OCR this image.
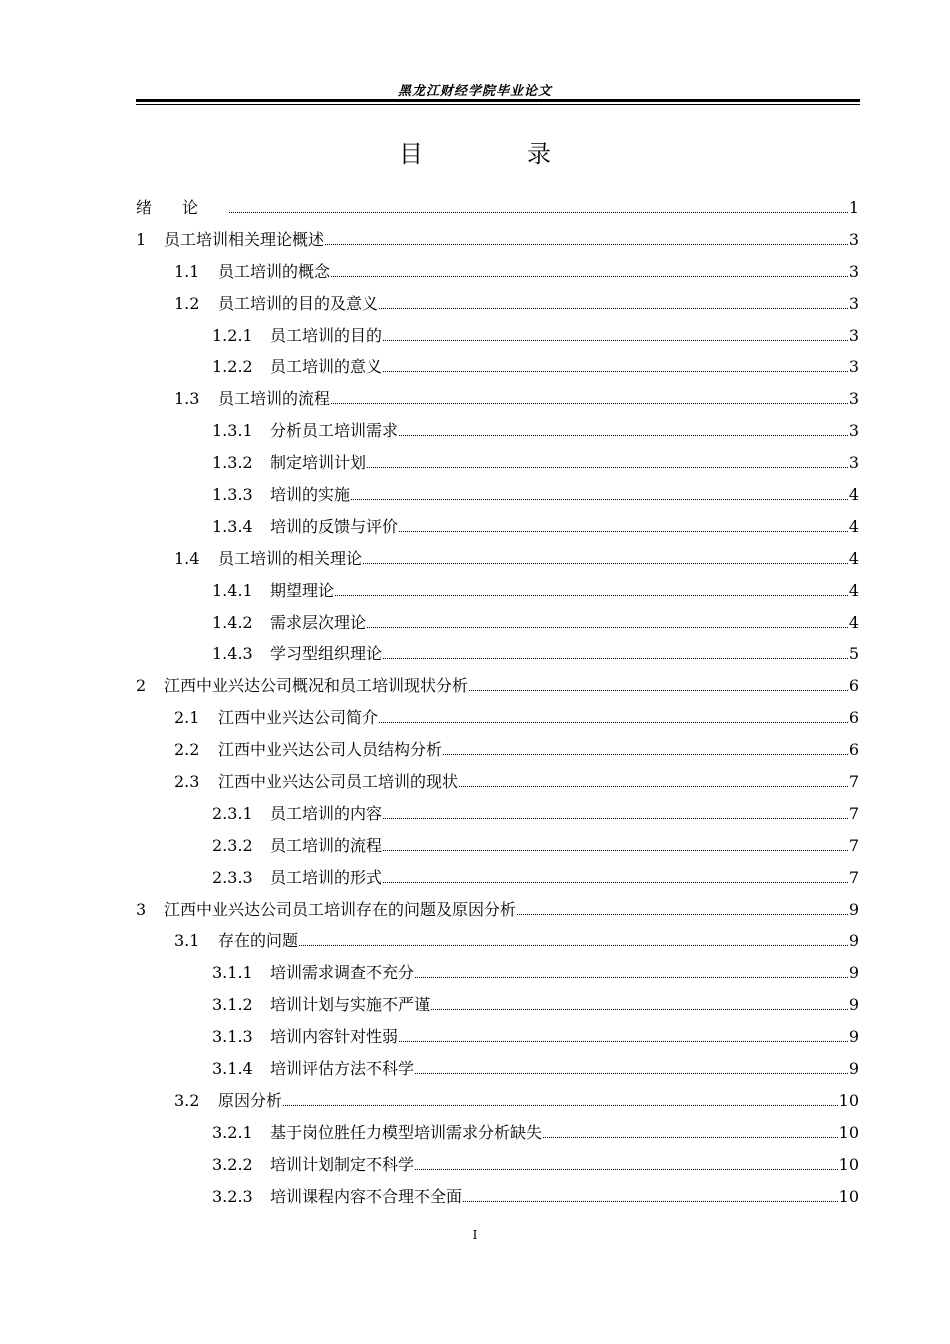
黑龙江财经学院毕业论文
目　录
绪论	1
1	员工培训相关理论概述	3
1.1	员工培训的概念	3
1.2	员工培训的目的及意义	3
1.2.1	员工培训的目的	3
1.2.2	员工培训的意义	3
1.3	员工培训的流程	3
1.3.1	分析员工培训需求	3
1.3.2	制定培训计划	3
1.3.3	培训的实施	4
1.3.4	培训的反馈与评价	4
1.4	员工培训的相关理论	4
1.4.1	期望理论	4
1.4.2	需求层次理论	4
1.4.3	学习型组织理论	5
2	江西中业兴达公司概况和员工培训现状分析	6
2.1	江西中业兴达公司简介	6
2.2	江西中业兴达公司人员结构分析	6
2.3	江西中业兴达公司员工培训的现状	7
2.3.1	员工培训的内容	7
2.3.2	员工培训的流程	7
2.3.3	员工培训的形式	7
3	江西中业兴达公司员工培训存在的问题及原因分析	9
3.1	存在的问题	9
3.1.1	培训需求调查不充分	9
3.1.2	培训计划与实施不严谨	9
3.1.3	培训内容针对性弱	9
3.1.4	培训评估方法不科学	9
3.2	原因分析	10
3.2.1	基于岗位胜任力模型培训需求分析缺失	10
3.2.2	培训计划制定不科学	10
3.2.3	培训课程内容不合理不全面	10
I
